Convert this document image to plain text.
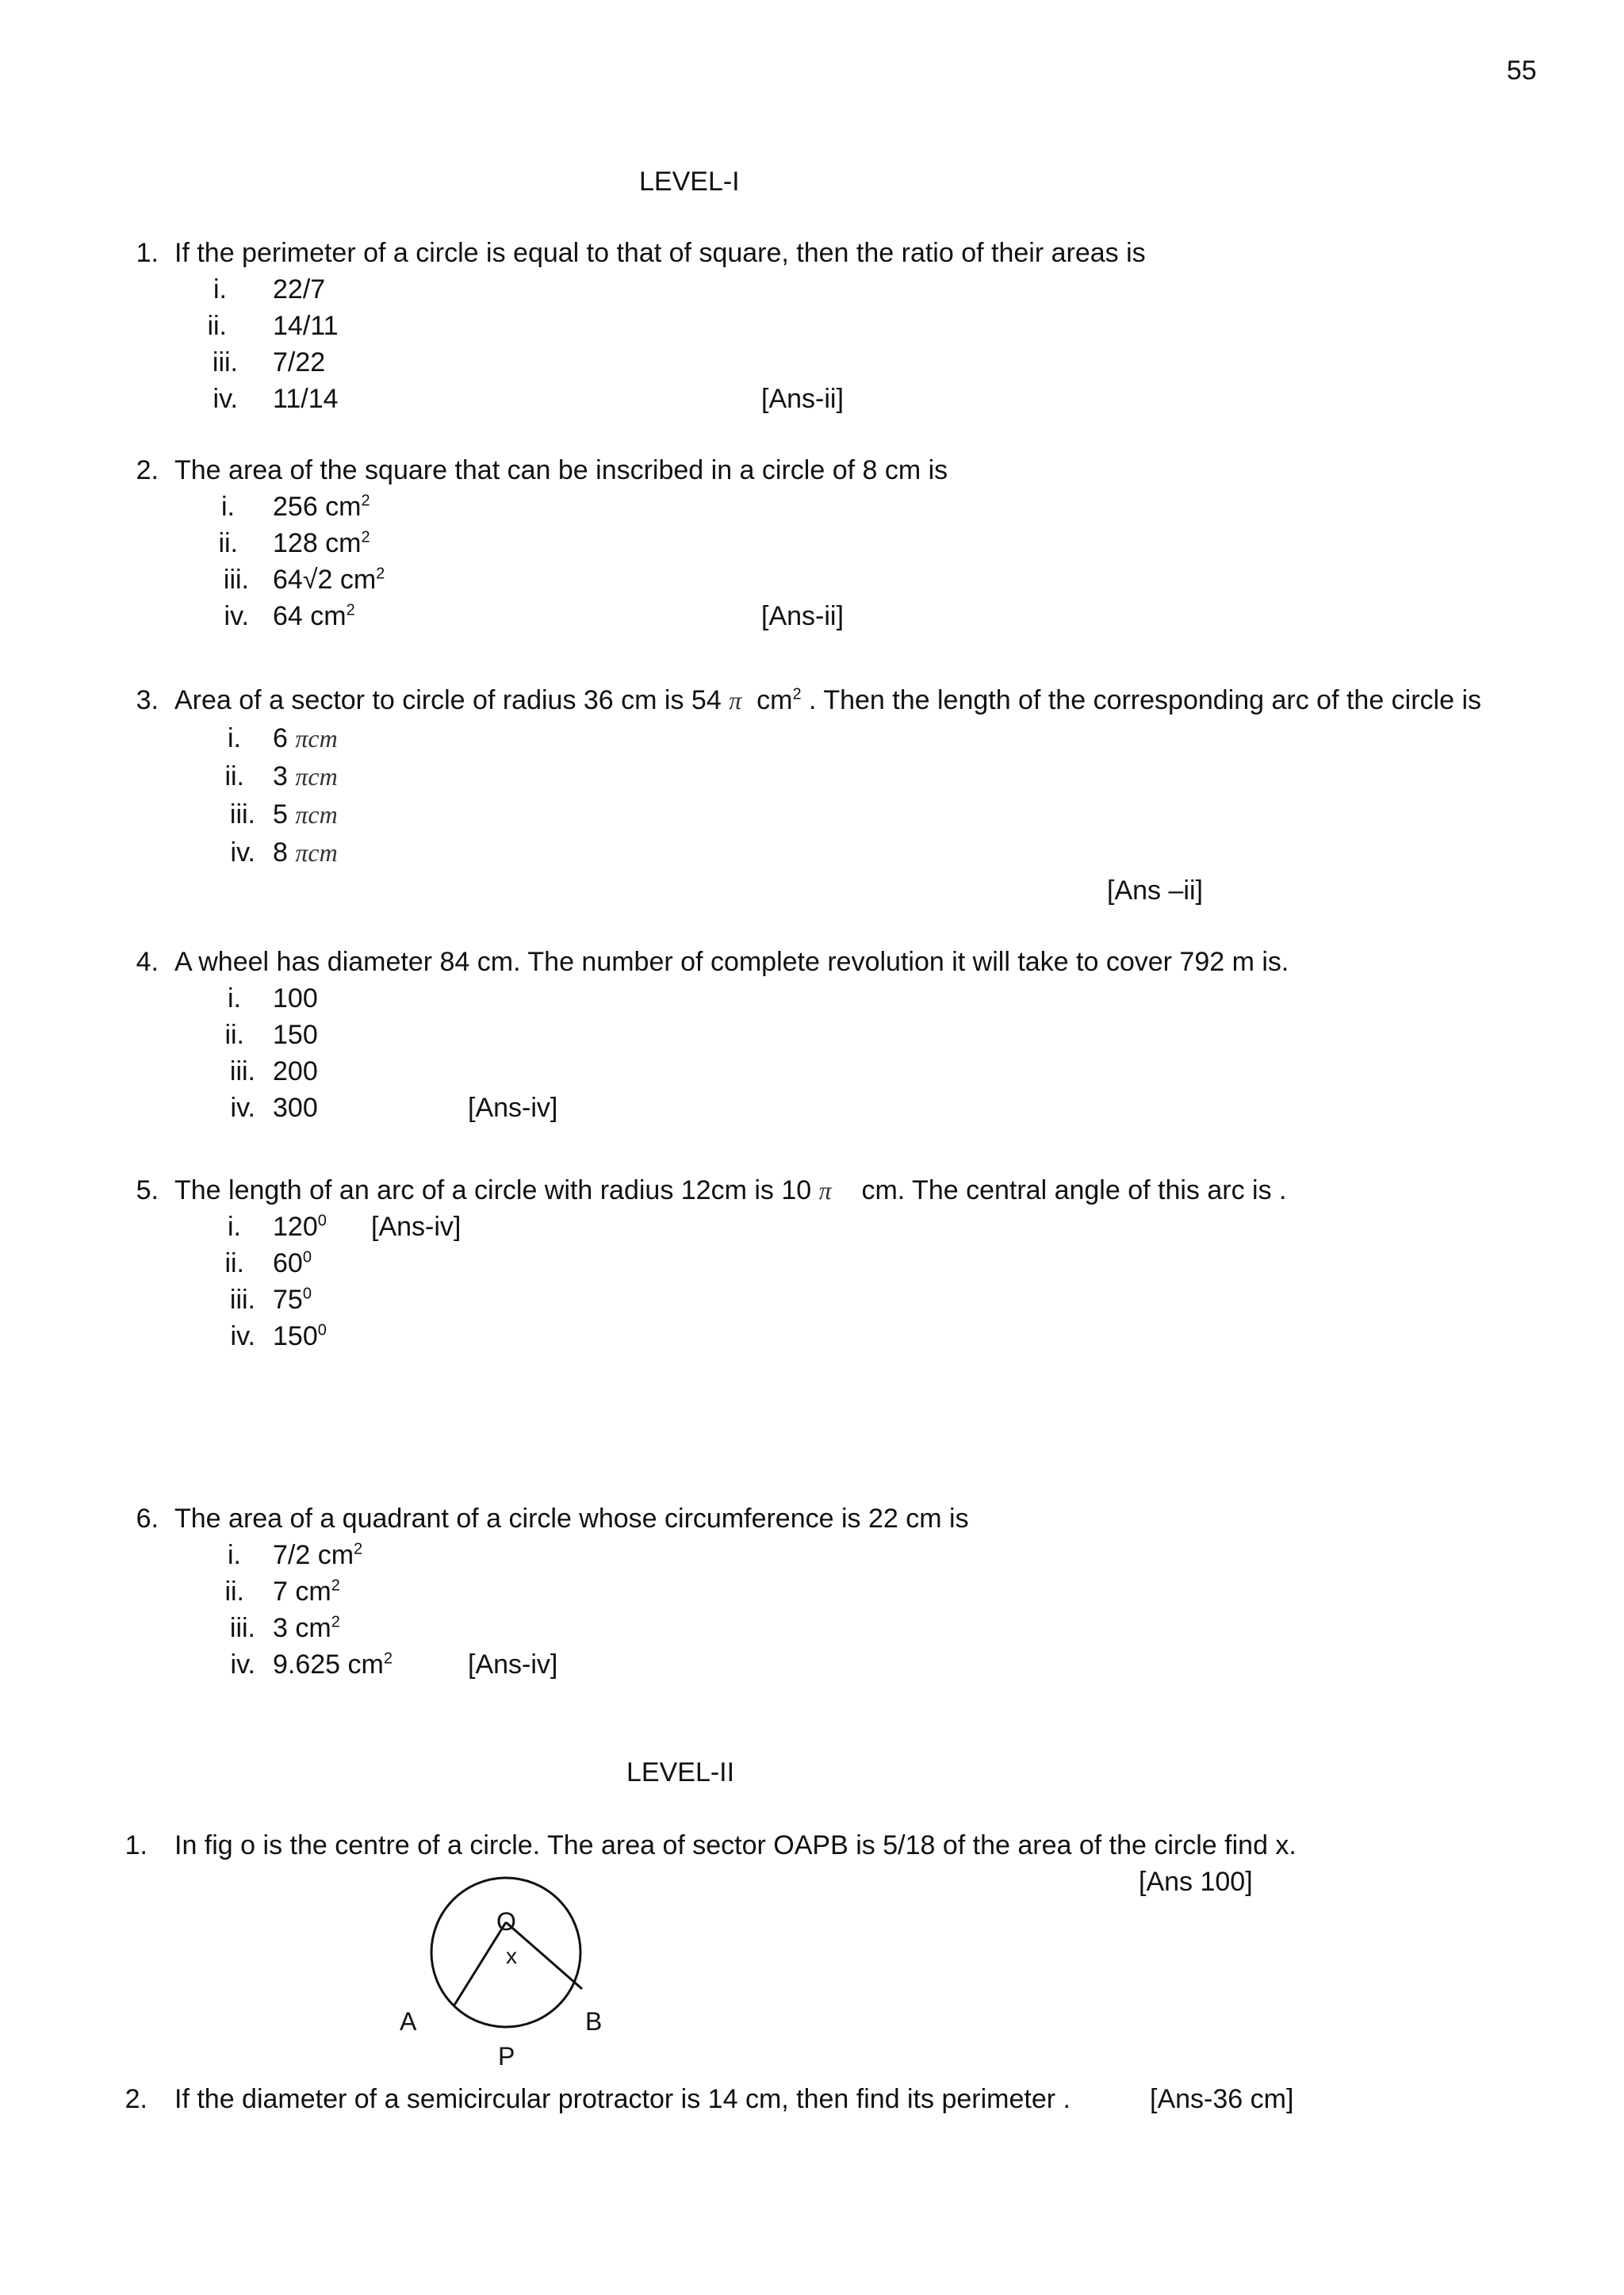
55
LEVEL-I
1. If the perimeter of a circle is equal to that of square, then the ratio of their areas is
i. 22/7
ii. 14/11
iii. 7/22
iv. 11/14	[Ans-ii]
2. The area of the square that can be inscribed in a circle of 8 cm is
i. 256 $cm^2$
ii. 128 $cm^2$
iii. 64√2 $cm^2$
iv. 64 $cm^2$	[Ans-ii]
3. Area of a sector to circle of radius 36 cm is 54 π $cm^2$ . Then the length of the corresponding arc of the circle is
i. 6 πcm
ii. 3 πcm
iii. 5 πcm
iv. 8 πcm
[Ans –ii]
4. A wheel has diameter 84 cm. The number of complete revolution it will take to cover 792 m is.
i. 100
ii. 150
iii. 200
iv. 300	[Ans-iv]
5. The length of an arc of a circle with radius 12cm is 10 π cm. The central angle of this arc is .
i. $120^0$ [Ans-iv]
ii. $60^0$
iii. $75^0$
iv. $150^0$
6. The area of a quadrant of a circle whose circumference is 22 cm is
i. 7/2 $cm^2$
ii. 7 $cm^2$
iii. 3 $cm^2$
iv. 9.625 $cm^2$	[Ans-iv]
LEVEL-II
1. In fig o is the centre of a circle. The area of sector OAPB is 5/18 of the area of the circle find x.
[Ans 100]
O
x
A	B
P
2. If the diameter of a semicircular protractor is 14 cm, then find its perimeter .	[Ans-36 cm]
